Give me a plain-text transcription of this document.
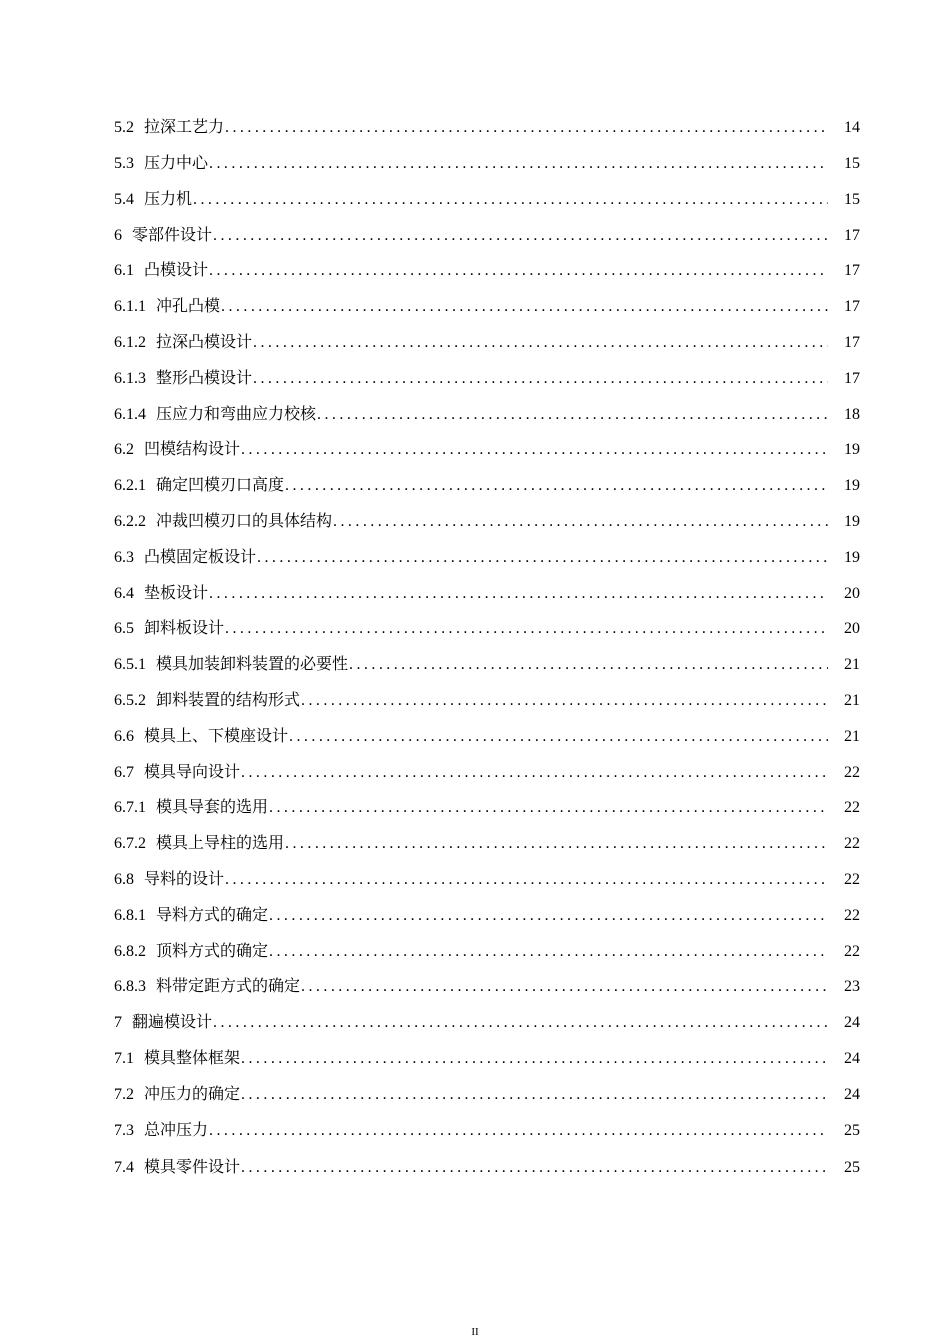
5.2 拉深工艺力 .....	14
5.3 压力中心 .....	15
5.4 压力机 .....	15
6 零部件设计 .....	17
6.1 凸模设计 .....	17
6.1.1 冲孔凸模 .....	17
6.1.2 拉深凸模设计 .....	17
6.1.3 整形凸模设计 .....	17
6.1.4 压应力和弯曲应力校核 .....	18
6.2 凹模结构设计 .....	19
6.2.1 确定凹模刃口高度 .....	19
6.2.2 冲裁凹模刃口的具体结构 .....	19
6.3 凸模固定板设计 .....	19
6.4 垫板设计 .....	20
6.5 卸料板设计 .....	20
6.5.1 模具加装卸料装置的必要性 .....	21
6.5.2 卸料装置的结构形式 .....	21
6.6 模具上、下模座设计 .....	21
6.7 模具导向设计 .....	22
6.7.1 模具导套的选用 .....	22
6.7.2 模具上导柱的选用 .....	22
6.8 导料的设计 .....	22
6.8.1 导料方式的确定 .....	22
6.8.2 顶料方式的确定 .....	22
6.8.3 料带定距方式的确定 .....	23
7 翻遍模设计 .....	24
7.1 模具整体框架 .....	24
7.2 冲压力的确定 .....	24
7.3 总冲压力 .....	25
7.4 模具零件设计 .....	25
II
